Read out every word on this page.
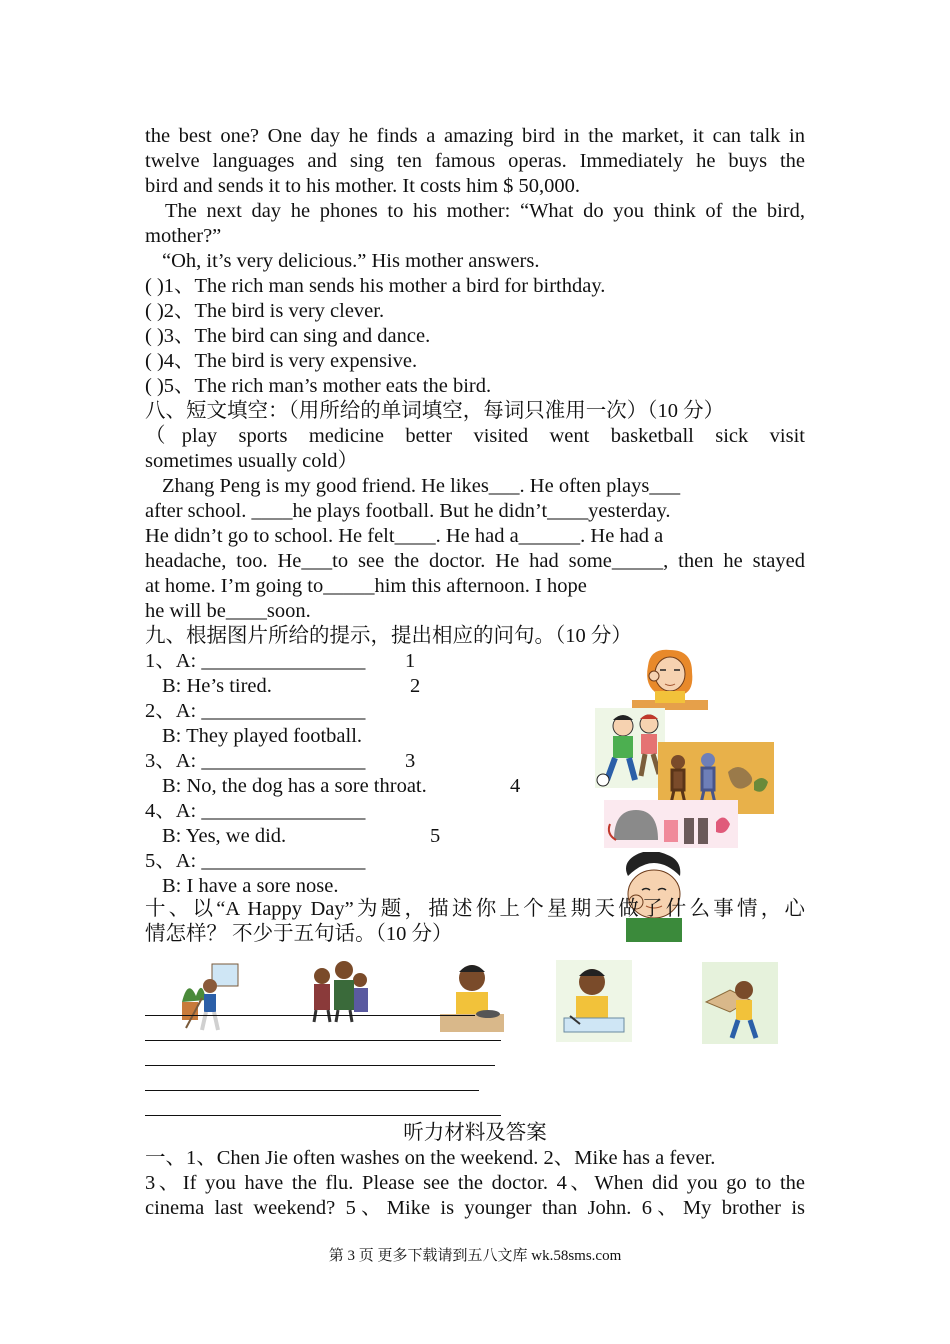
the best one? One day he finds a amazing bird in the market, it can talk in
twelve languages and sing ten famous operas. Immediately he buys the
bird and sends it to his mother. It costs him $ 50,000.
The next day he phones to his mother: “What do you think of the bird,
mother?”
“Oh, it’s very delicious.” His mother answers.
( )1、The rich man sends his mother a bird for birthday.
( )2、The bird is very clever.
( )3、The bird can sing and dance.
( )4、The bird is very expensive.
( )5、The rich man’s mother eats the bird.
八、短文填空：（用所给的单词填空，每词只准用一次）（10 分）
（play sports medicine better visited went basketball sick visit
sometimes usually cold）
Zhang Peng is my good friend. He likes___. He often plays___
after school. ____he plays football. But he didn’t____yesterday.
He didn’t go to school. He felt____. He had a______. He had a
headache, too. He___to see the doctor. He had some_____, then he stayed
at home. I’m going to_____him this afternoon. I hope
he will be____soon.
九、根据图片所给的提示，提出相应的问句。（10 分）
1、A: ________________
B: He’s tired.
2、A: ________________
B: They played football.
3、A: ________________
B: No, the dog has a sore throat.
4、A: ________________
B: Yes, we did.
5、A: ________________
B: I have a sore nose.
1
2
3
4
5
十、以“A Happy Day”为题，描述你上个星期天做了什么事情，心
情怎样？ 不少于五句话。（10 分）
听力材料及答案
一、1、Chen Jie often washes on the weekend. 2、Mike has a fever.
3、If you have the flu. Please see the doctor. 4、When did you go to the
cinema last weekend? 5、Mike is younger than John. 6、My brother is
第 3 页 更多下载请到五八文库 wk.58sms.com
